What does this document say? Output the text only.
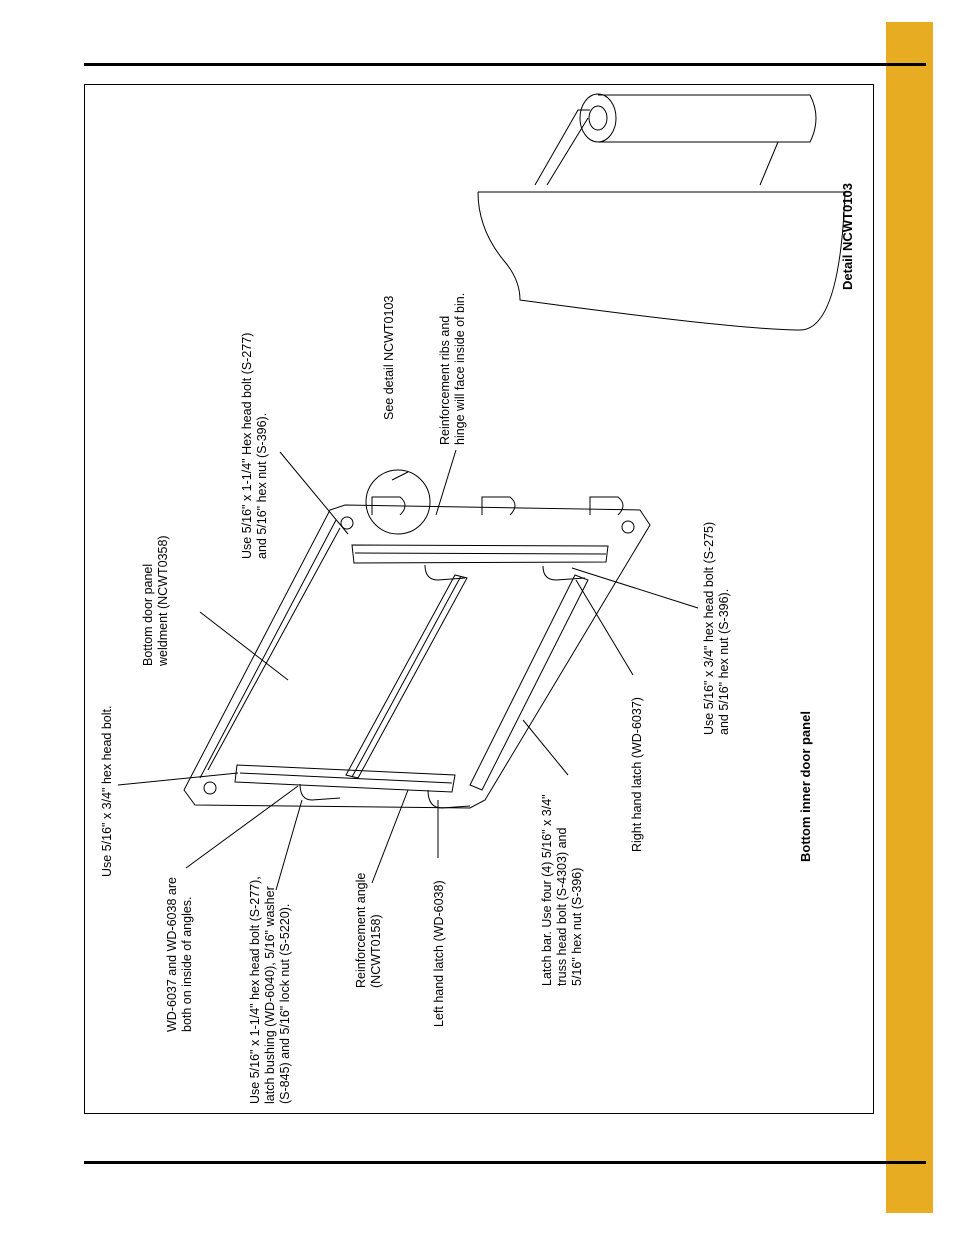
Use 5/16" x 3/4" hex head bolt.
WD-6037 and WD-6038 are both on inside of angles.	Use 5/16" x 1-1/4" hex head bolt (S-277), latch bushing (WD-6040), 5/16" washer (S-845) and 5/16" lock nut (S-5220).	Reinforcement angle (NCWT0158)	Left hand latch (WD-6038)	Latch bar. Use four (4) 5/16" x 3/4" truss head bolt (S-4303) and 5/16" hex nut (S-396)
Right hand latch (WD-6037)
Bottom door panel weldment (NCWT0358)
Use 5/16" x 1-1/4" Hex head bolt (S-277) and 5/16" hex nut (S-396).
See detail NCWT0103	Reinforcement ribs and hinge will face inside of bin.
Use 5/16" x 3/4" hex head bolt (S-275) and 5/16" hex nut (S-396).
Bottom inner door panel
Detail NCWT0103
